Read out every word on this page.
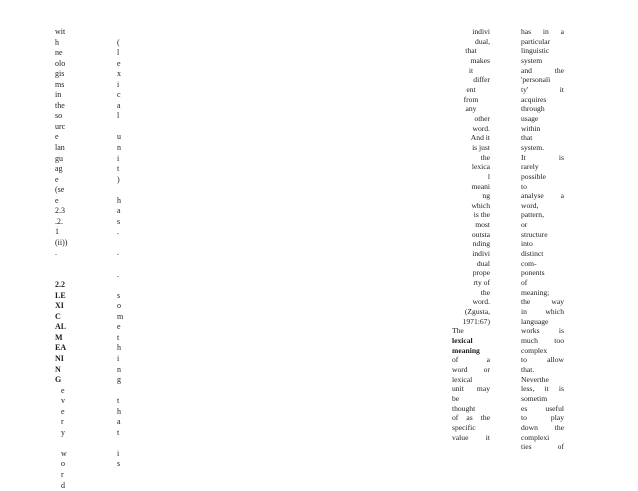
wit
h
ne
olo
gis
ms
in
the
so
urc
e
lan
gu
ag
e
(se
e
2.3
.2.
1
(ii))
.

2.2
LE
XI
C
AL
M
EA
NI
N
G
e
v
e
r
y

w
o
r
d

(
l
e
x
i
c
a
l

u
n
i
t
)

h
a
s
.

.

.

s
o
m
e
t
h
i
n
g

t
h
a
t

i
s
indivi
dual,
that
makes
it
differ
ent
from
any
other
word.
And it
is just
the
lexica
l
meani
ng
which
is the
most
outsta
nding
indivi
dual
prope
rty of
the
word.
(Zgusta,
1971:67)
The
lexical
meaning
of a
word or
lexical
unit may
be
thought
of as the
specific
value it
has in a
particular
linguistic
system
and the
'personali
ty' it
acquires
through
usage
within
that
system.
It is
rarely
possible
to
analyse a
word,
pattern,
or
structure
into
distinct
com-
ponents
of
meaning;
the way
in which
language
works is
much too
complex
to allow
that.
Neverthe
less, it is
sometim
es useful
to play
down the
complexi
ties of
